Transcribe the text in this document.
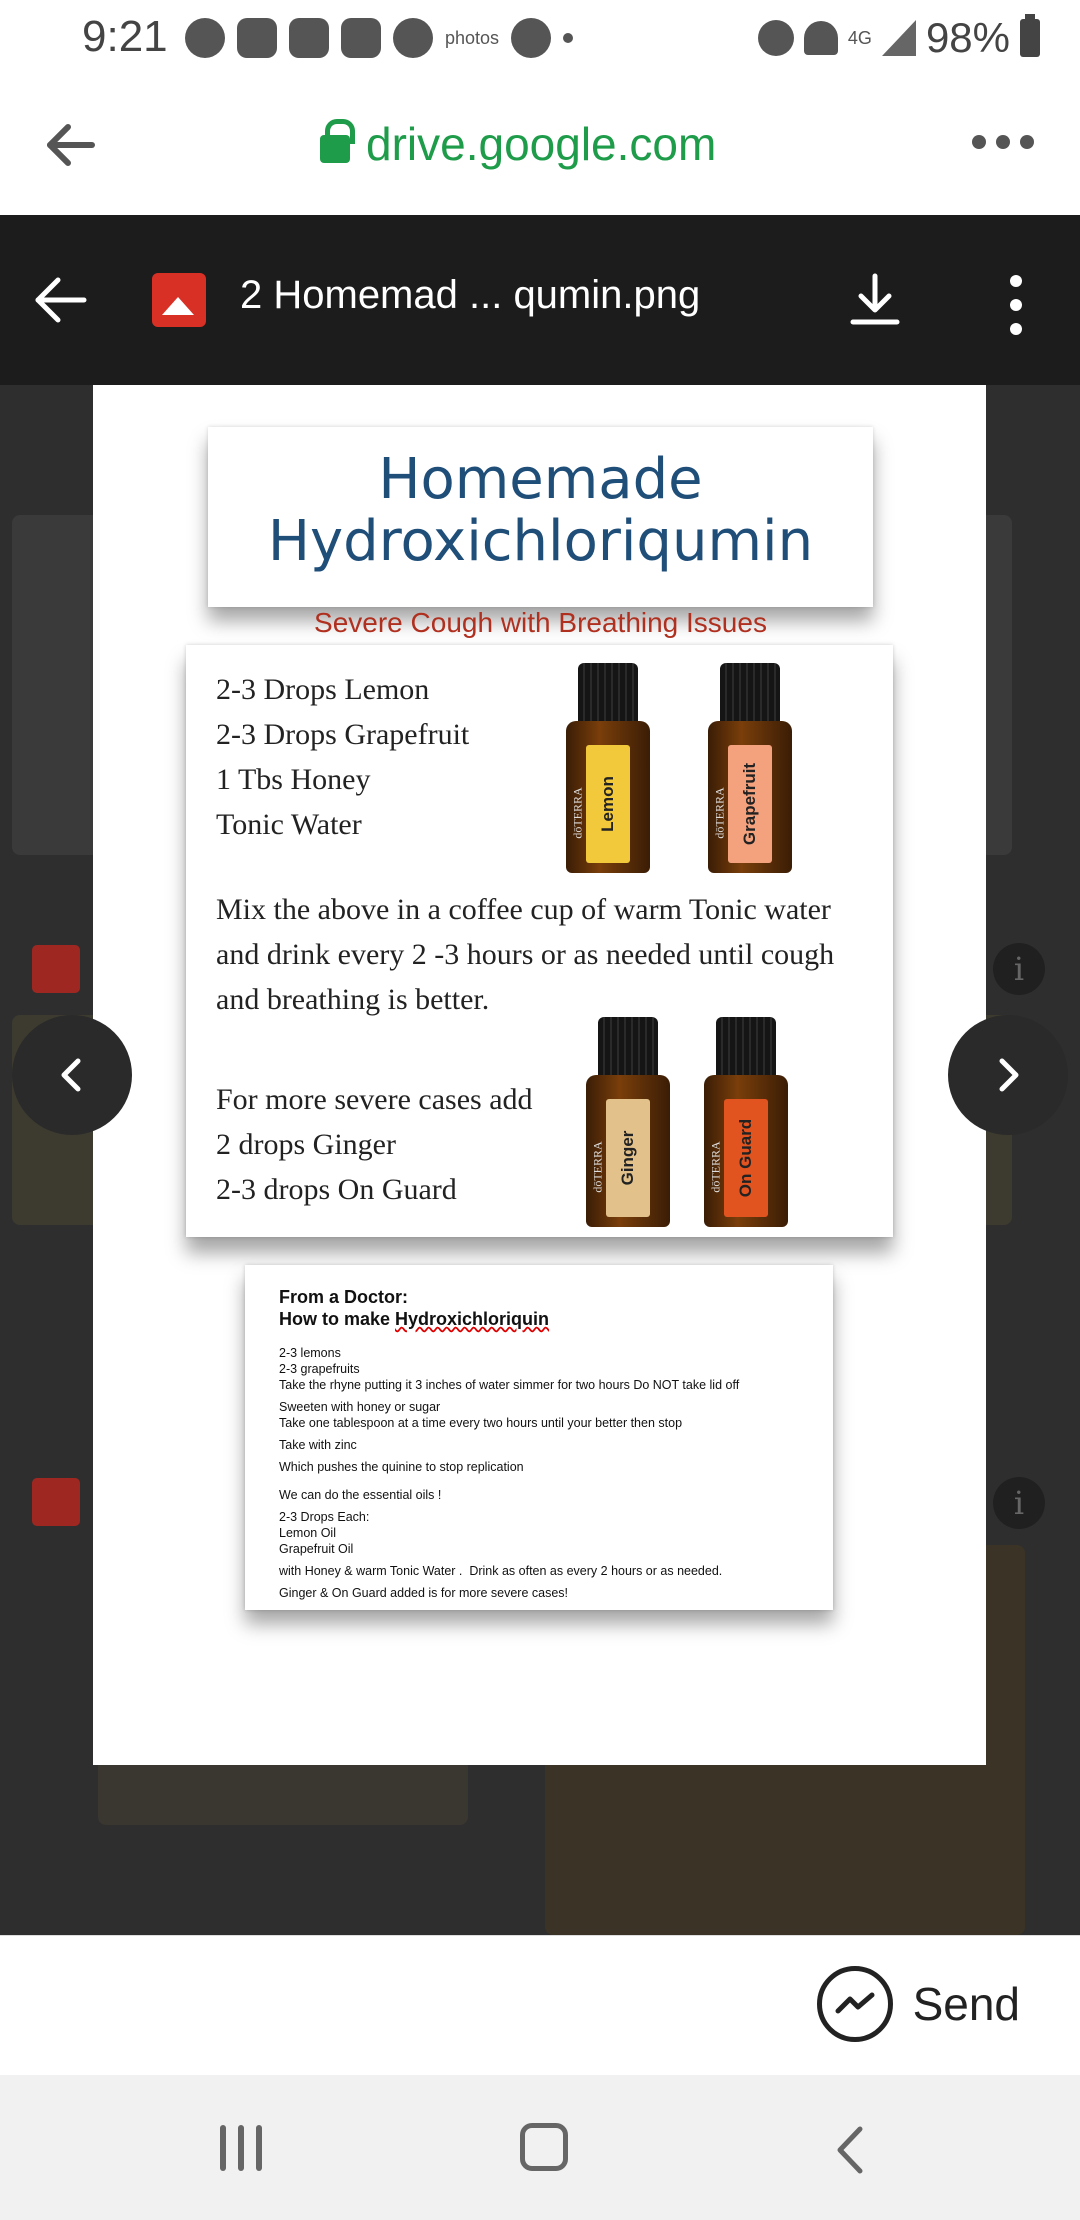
9:21	photos	4G 98%
drive.google.com
2 Homemad ... qumin.png
i
i
Homemade
Hydroxichloriqumin
Severe Cough with Breathing Issues
2-3 Drops Lemon
2-3 Drops Grapefruit
1 Tbs Honey
Tonic Water	dōTERRA Lemon	dōTERRA Grapefruit
Mix the above in a coffee cup of warm Tonic water and drink every 2 -3 hours or as needed until cough and breathing is better.
For more severe cases add
2 drops Ginger
2-3 drops On Guard	dōTERRA Ginger	dōTERRA On Guard
From a Doctor:
How to make Hydroxichloriquin
2-3 lemons
2-3 grapefruits
Take the rhyne putting it 3 inches of water simmer for two hours Do NOT take lid off
Sweeten with honey or sugar
Take one tablespoon at a time every two hours until your better then stop
Take with zinc
Which pushes the quinine to stop replication
We can do the essential oils !
2-3 Drops Each:
Lemon Oil
Grapefruit Oil
with Honey & warm Tonic Water .  Drink as often as every 2 hours or as needed.
Ginger & On Guard added is for more severe cases!
Send
